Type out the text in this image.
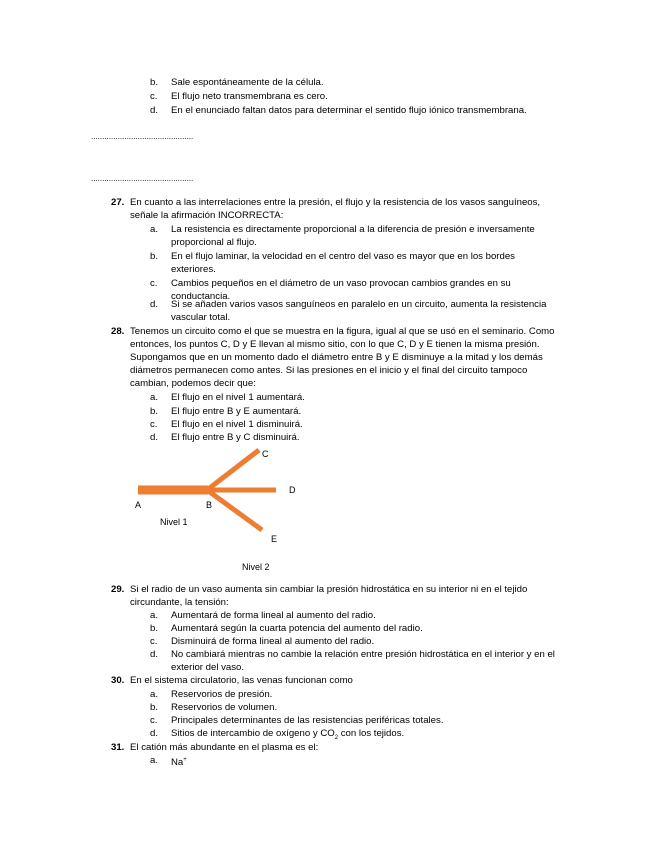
b. Sale espontáneamente de la célula.
c. El flujo neto transmembrana es cero.
d. En el enunciado faltan datos para determinar el sentido flujo iónico transmembrana.
..............................................
..............................................
27. En cuanto a las interrelaciones entre la presión, el flujo y la resistencia de los vasos sanguíneos,
señale la afirmación INCORRECTA:
a. La resistencia es directamente proporcional a la diferencia de presión e inversamente
proporcional al flujo.
b. En el flujo laminar, la velocidad en el centro del vaso es mayor que en los bordes
exteriores.
c. Cambios pequeños en el diámetro de un vaso provocan cambios grandes en su
conductancia.
d. Si se añaden varios vasos sanguíneos en paralelo en un circuito, aumenta la resistencia
vascular total.
28. Tenemos un circuito como el que se muestra en la figura, igual al que se usó en el seminario. Como
entonces, los puntos C, D y E llevan al mismo sitio, con lo que C, D y E tienen la misma presión.
Supongamos que en un momento dado el diámetro entre B y E disminuye a la mitad y los demás
diámetros permanecen como antes. Si las presiones en el inicio y el final del circuito tampoco
cambian, podemos decir que:
a. El flujo en el nivel 1 aumentará.
b. El flujo entre B y E aumentará.
c. El flujo en el nivel 1 disminuirá.
d. El flujo entre B y C disminuirá.
C
D
A	B
E
Nivel 1
Nivel 2
29. Si el radio de un vaso aumenta sin cambiar la presión hidrostática en su interior ni en el tejido
circundante, la tensión:
a. Aumentará de forma lineal al aumento del radio.
b. Aumentará según la cuarta potencia del aumento del radio.
c. Disminuirá de forma lineal al aumento del radio.
d. No cambiará mientras no cambie la relación entre presión hidrostática en el interior y en el
exterior del vaso.
30. En el sistema circulatorio, las venas funcionan como
a. Reservorios de presión.
b. Reservorios de volumen.
c. Principales determinantes de las resistencias periféricas totales.
d. Sitios de intercambio de oxígeno y $CO_2$ con los tejidos.
31. El catión más abundante en el plasma es el:
a. Na+
